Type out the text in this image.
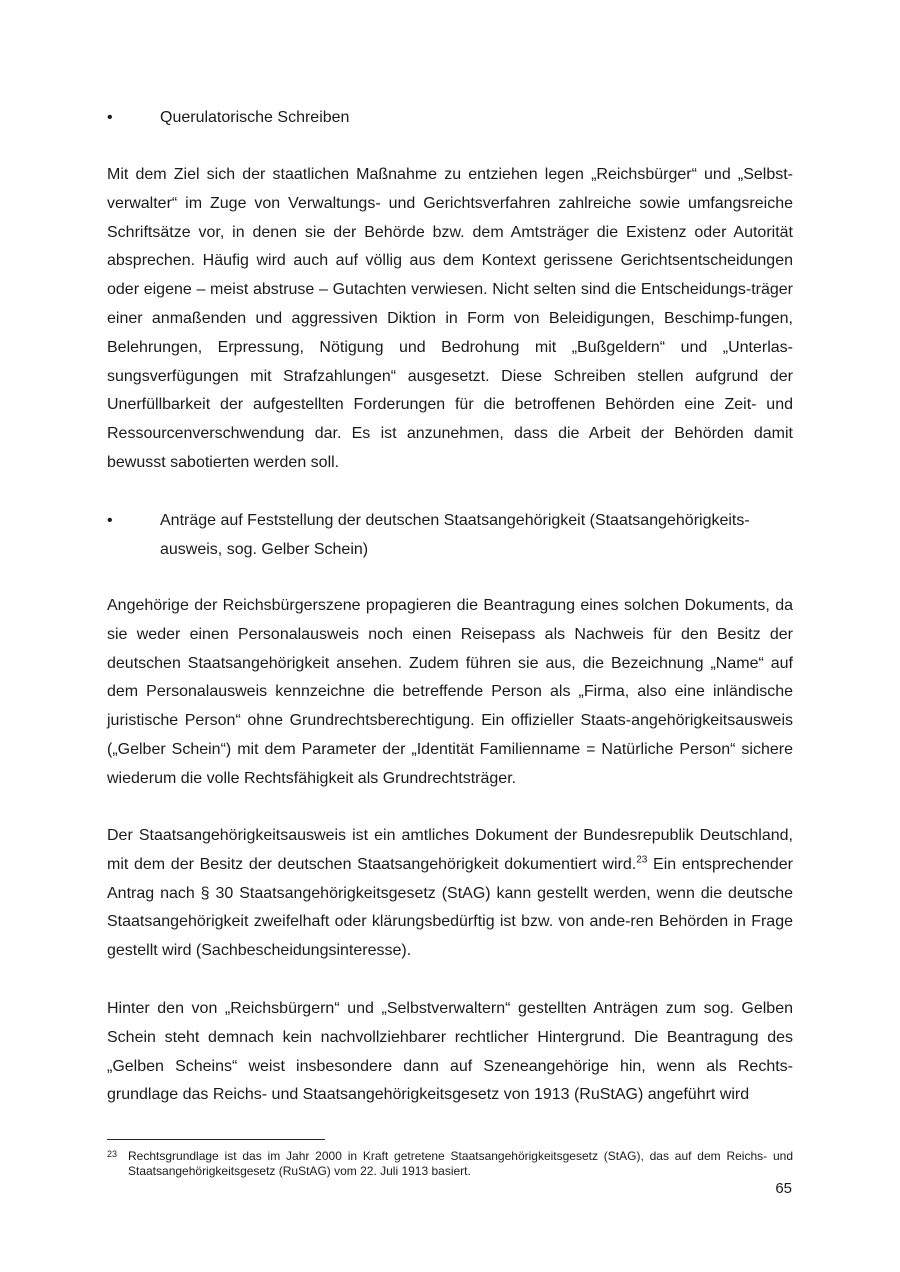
•	Querulatorische Schreiben
Mit dem Ziel sich der staatlichen Maßnahme zu entziehen legen „Reichsbürger“ und „Selbst-verwalter“ im Zuge von Verwaltungs- und Gerichtsverfahren zahlreiche sowie umfangsreiche Schriftsätze vor, in denen sie der Behörde bzw. dem Amtsträger die Existenz oder Autorität absprechen. Häufig wird auch auf völlig aus dem Kontext gerissene Gerichtsentscheidungen oder eigene – meist abstruse – Gutachten verwiesen. Nicht selten sind die Entscheidungs-träger einer anmaßenden und aggressiven Diktion in Form von Beleidigungen, Beschimp-fungen, Belehrungen, Erpressung, Nötigung und Bedrohung mit „Bußgeldern“ und „Unterlas-sungsverfügungen mit Strafzahlungen“ ausgesetzt. Diese Schreiben stellen aufgrund der Unerfüllbarkeit der aufgestellten Forderungen für die betroffenen Behörden eine Zeit- und Ressourcenverschwendung dar. Es ist anzunehmen, dass die Arbeit der Behörden damit bewusst sabotierten werden soll.
•	Anträge auf Feststellung der deutschen Staatsangehörigkeit (Staatsangehörigkeits-
ausweis, sog. Gelber Schein)
Angehörige der Reichsbürgerszene propagieren die Beantragung eines solchen Dokuments, da sie weder einen Personalausweis noch einen Reisepass als Nachweis für den Besitz der deutschen Staatsangehörigkeit ansehen. Zudem führen sie aus, die Bezeichnung „Name“ auf dem Personalausweis kennzeichne die betreffende Person als „Firma, also eine inländische juristische Person“ ohne Grundrechtsberechtigung. Ein offizieller Staats-angehörigkeitsausweis („Gelber Schein“) mit dem Parameter der „Identität Familienname = Natürliche Person“ sichere wiederum die volle Rechtsfähigkeit als Grundrechtsträger.
Der Staatsangehörigkeitsausweis ist ein amtliches Dokument der Bundesrepublik Deutschland, mit dem der Besitz der deutschen Staatsangehörigkeit dokumentiert wird.$^{23}$ Ein entsprechender Antrag nach § 30 Staatsangehörigkeitsgesetz (StAG) kann gestellt werden, wenn die deutsche Staatsangehörigkeit zweifelhaft oder klärungsbedürftig ist bzw. von ande-ren Behörden in Frage gestellt wird (Sachbescheidungsinteresse).
Hinter den von „Reichsbürgern“ und „Selbstverwaltern“ gestellten Anträgen zum sog. Gelben Schein steht demnach kein nachvollziehbarer rechtlicher Hintergrund. Die Beantragung des „Gelben Scheins“ weist insbesondere dann auf Szeneangehörige hin, wenn als Rechts-grundlage das Reichs- und Staatsangehörigkeitsgesetz von 1913 (RuStAG) angeführt wird
23 Rechtsgrundlage ist das im Jahr 2000 in Kraft getretene Staatsangehörigkeitsgesetz (StAG), das auf dem Reichs- und Staatsangehörigkeitsgesetz (RuStAG) vom 22. Juli 1913 basiert.
65
